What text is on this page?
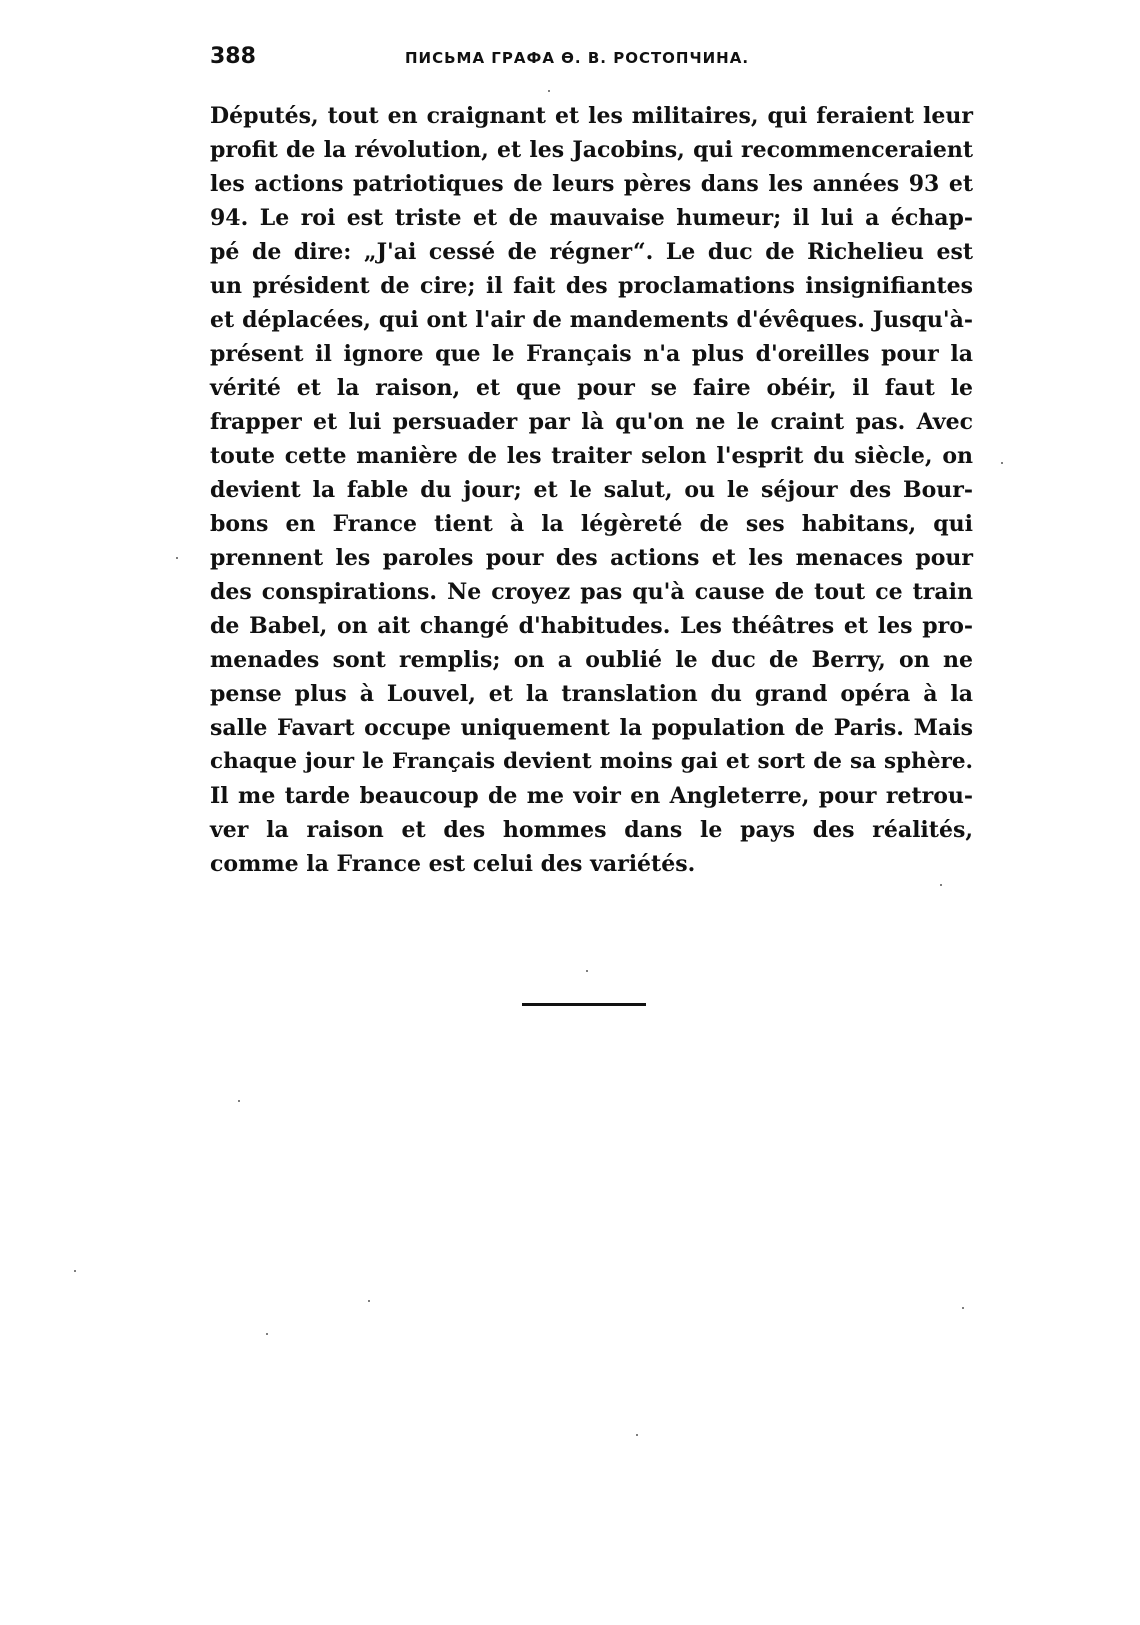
388	ПИСЬМА ГРАФА Ѳ. В. РОСТОПЧИНА.
Députés, tout en craignant et les militaires, qui feraient leur
profit de la révolution, et les Jacobins, qui recommenceraient
les actions patriotiques de leurs pères dans les années 93 et
94. Le roi est triste et de mauvaise humeur; il lui a échap-
pé de dire: „J'ai cessé de régner“. Le duc de Richelieu est
un président de cire; il fait des proclamations insignifiantes
et déplacées, qui ont l'air de mandements d'évêques. Jusqu'à-
présent il ignore que le Français n'a plus d'oreilles pour la
vérité et la raison, et que pour se faire obéir, il faut le
frapper et lui persuader par là qu'on ne le craint pas. Avec
toute cette manière de les traiter selon l'esprit du siècle, on
devient la fable du jour; et le salut, ou le séjour des Bour-
bons en France tient à la légèreté de ses habitans, qui
prennent les paroles pour des actions et les menaces pour
des conspirations. Ne croyez pas qu'à cause de tout ce train
de Babel, on ait changé d'habitudes. Les théâtres et les pro-
menades sont remplis; on a oublié le duc de Berry, on ne
pense plus à Louvel, et la translation du grand opéra à la
salle Favart occupe uniquement la population de Paris. Mais
chaque jour le Français devient moins gai et sort de sa sphère.
Il me tarde beaucoup de me voir en Angleterre, pour retrou-
ver la raison et des hommes dans le pays des réalités,
comme la France est celui des variétés.
